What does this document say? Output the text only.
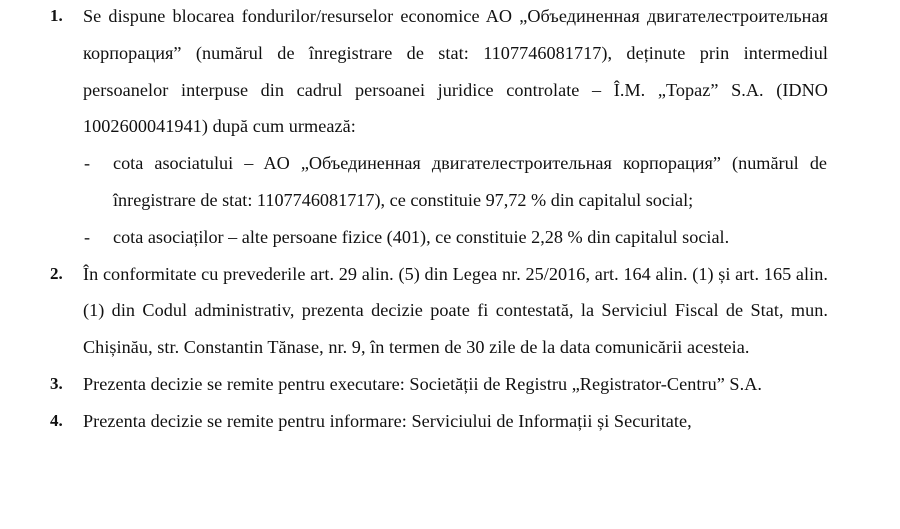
1. Se dispune blocarea fondurilor/resurselor economice AO „Объединенная двигателестроительная корпорация” (numărul de înregistrare de stat: 1107746081717), deținute prin intermediul persoanelor interpuse din cadrul persoanei juridice controlate – Î.M. „Topaz” S.A. (IDNO 1002600041941) după cum urmează:
- cota asociatului – AO „Объединенная двигателестроительная корпорация” (numărul de înregistrare de stat: 1107746081717), ce constituie 97,72 % din capitalul social;
- cota asociaților – alte persoane fizice (401), ce constituie 2,28 % din capitalul social.
2. În conformitate cu prevederile art. 29 alin. (5) din Legea nr. 25/2016, art. 164 alin. (1) și art. 165 alin. (1) din Codul administrativ, prezenta decizie poate fi contestată, la Serviciul Fiscal de Stat, mun. Chișinău, str. Constantin Tănase, nr. 9, în termen de 30 zile de la data comunicării acesteia.
3. Prezenta decizie se remite pentru executare: Societății de Registru „Registrator-Centru” S.A.
4. Prezenta decizie se remite pentru informare: Serviciului de Informații și Securitate,
